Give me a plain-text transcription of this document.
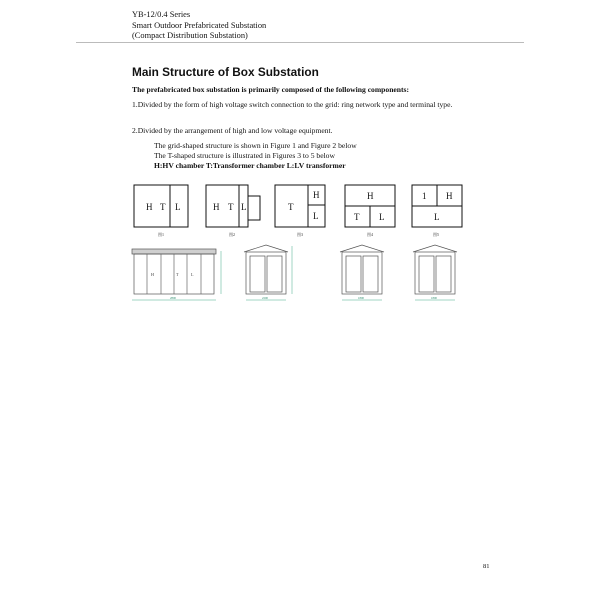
YB-12/0.4 Series
Smart Outdoor Prefabricated Substation
(Compact Distribution Substation)
Main Structure of Box Substation

The prefabricated box substation is primarily composed of the following components:

1.Divided by the form of high voltage switch connection to the grid: ring network type and terminal type.

2.Divided by the arrangement of high and low voltage equipment.

The grid-shaped structure is shown in Figure 1 and Figure 2 below
The T-shaped structure is illustrated in Figures 3 to 5 below
H:HV chamber T:Transformer chamber L:LV transformer
H T L
图1
H T L
图2
T
H
L
图3
H
T L
图4
1 H
L
图5
H	T	L
2800	2200	1800	1800
81
